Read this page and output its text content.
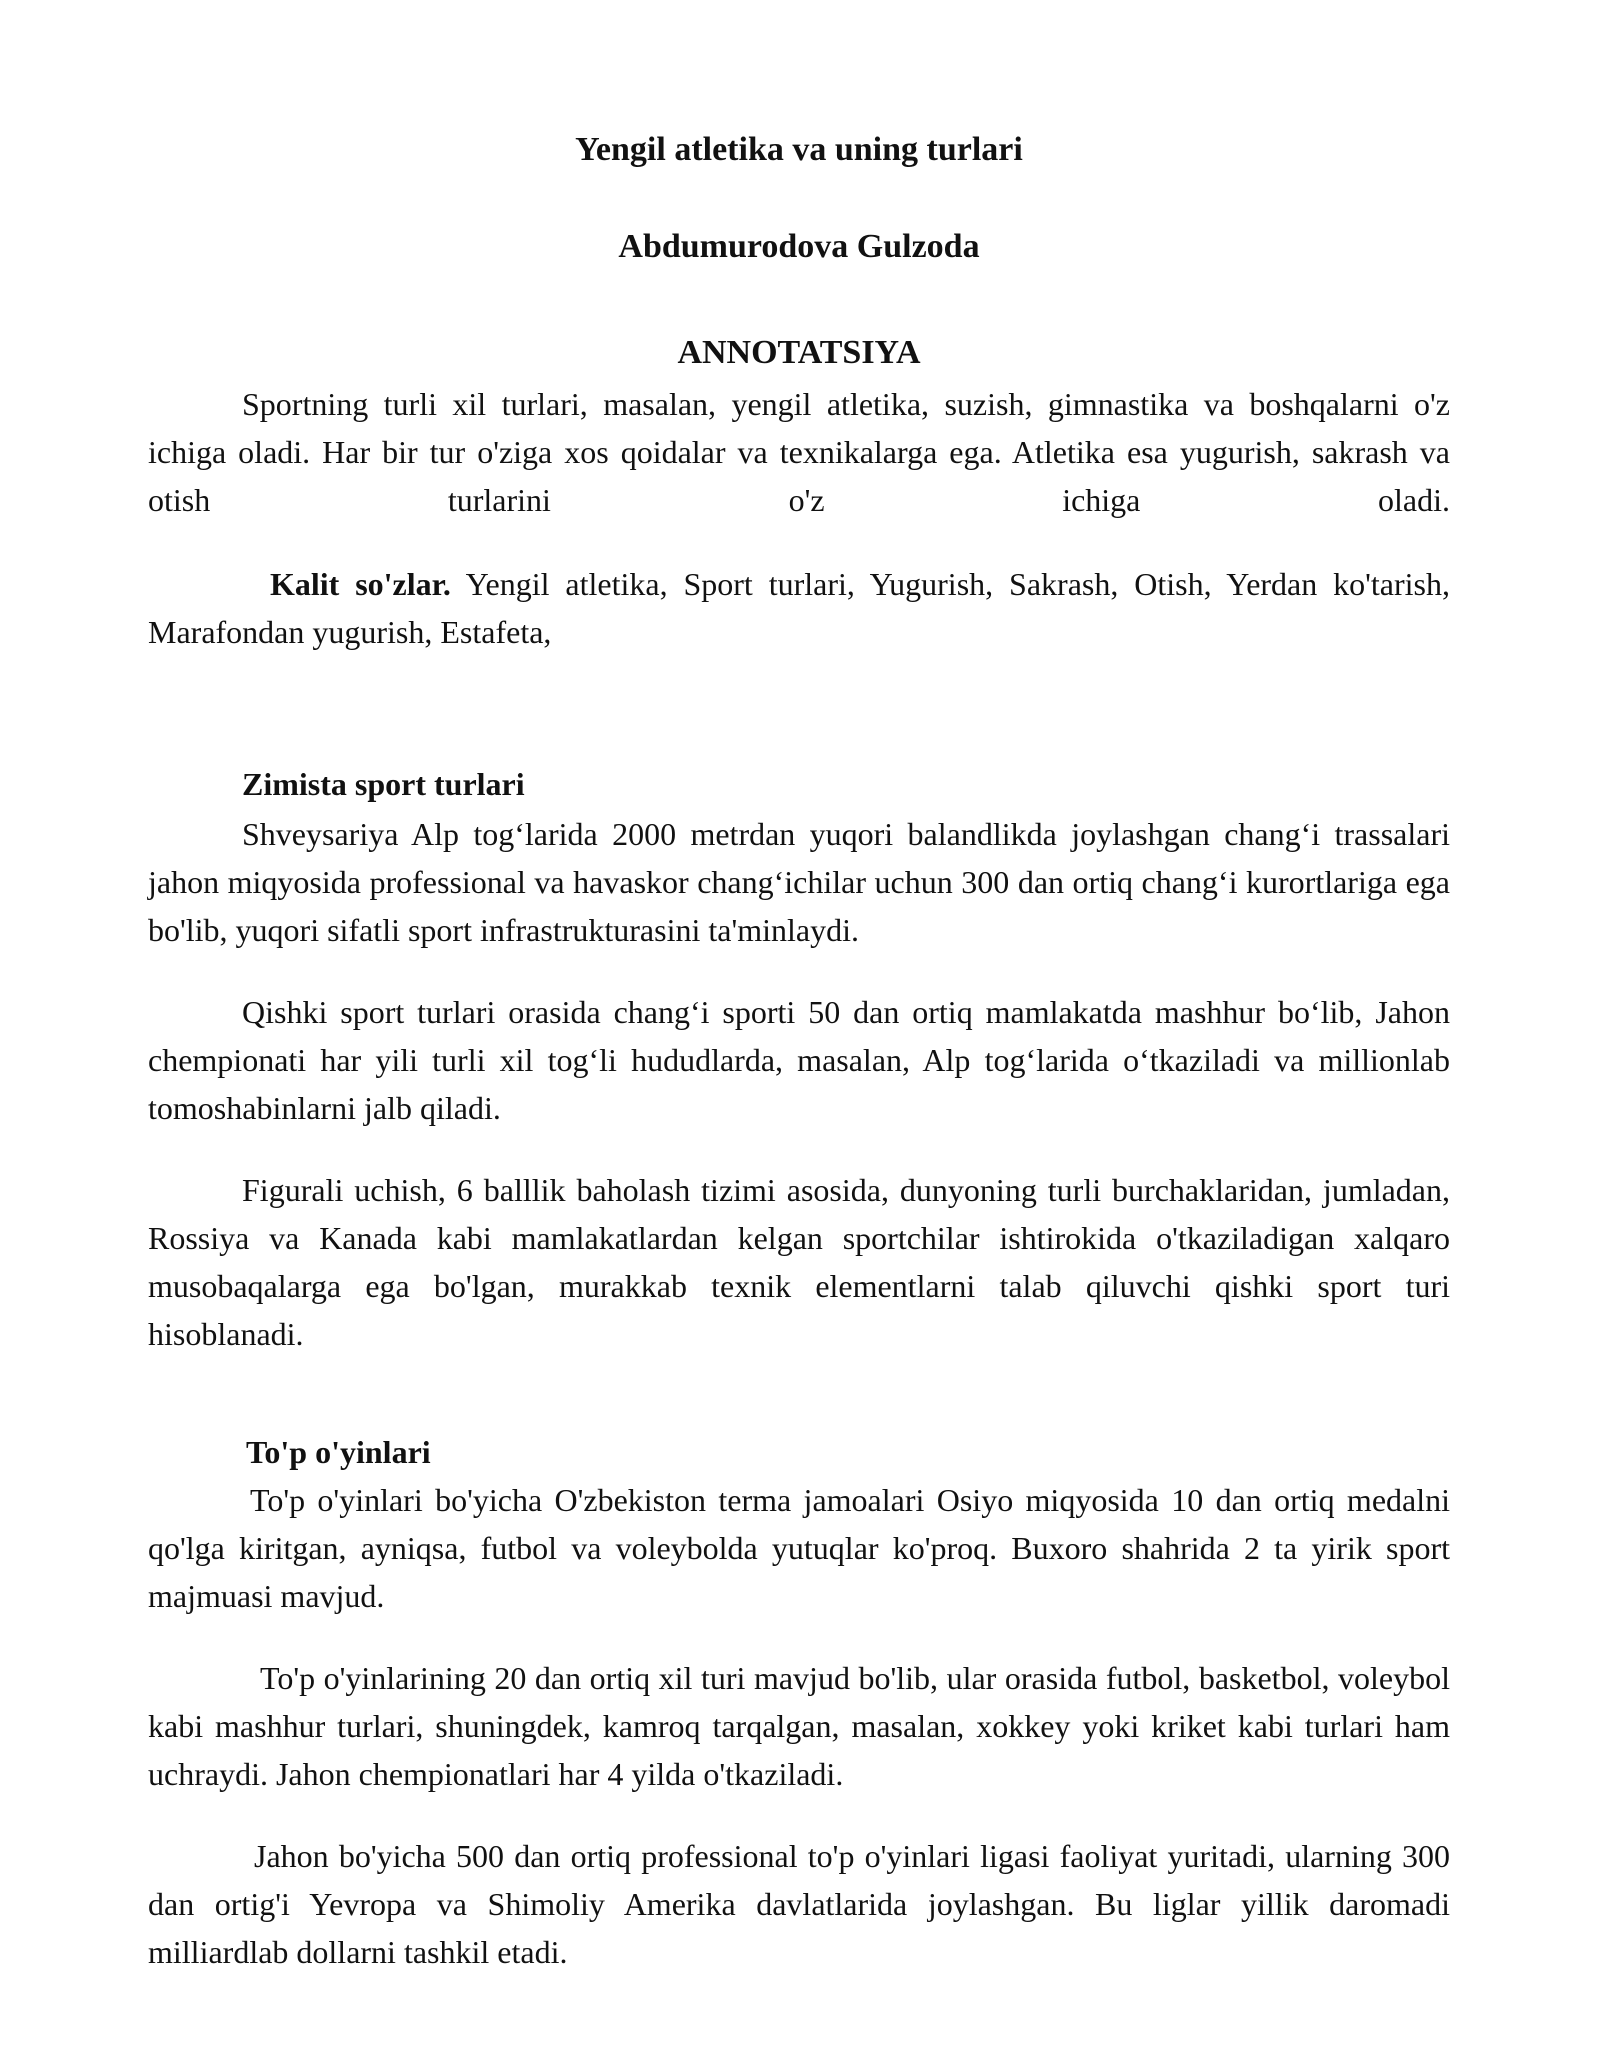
Yengil atletika va uning turlari
Abdumurodova Gulzoda
ANNOTATSIYA
Sportning turli xil turlari, masalan, yengil atletika, suzish, gimnastika va boshqalarni o'z ichiga oladi. Har bir tur o'ziga xos qoidalar va texnikalarga ega. Atletika esa yugurish, sakrash va otish turlarini o'z ichiga oladi.
Kalit so'zlar. Yengil atletika, Sport turlari, Yugurish, Sakrash, Otish, Yerdan ko'tarish, Marafondan yugurish, Estafeta,
Zimista sport turlari
Shveysariya Alp tog‘larida 2000 metrdan yuqori balandlikda joylashgan chang‘i trassalari jahon miqyosida professional va havaskor chang‘ichilar uchun 300 dan ortiq chang‘i kurortlariga ega bo'lib, yuqori sifatli sport infrastrukturasini ta'minlaydi.
Qishki sport turlari orasida chang‘i sporti 50 dan ortiq mamlakatda mashhur bo‘lib, Jahon chempionati har yili turli xil tog‘li hududlarda, masalan, Alp tog‘larida o‘tkaziladi va millionlab tomoshabinlarni jalb qiladi.
Figurali uchish, 6 balllik baholash tizimi asosida, dunyoning turli burchaklaridan, jumladan, Rossiya va Kanada kabi mamlakatlardan kelgan sportchilar ishtirokida o'tkaziladigan xalqaro musobaqalarga ega bo'lgan, murakkab texnik elementlarni talab qiluvchi qishki sport turi hisoblanadi.
To'p o'yinlari
To'p o'yinlari bo'yicha O'zbekiston terma jamoalari Osiyo miqyosida 10 dan ortiq medalni qo'lga kiritgan, ayniqsa, futbol va voleybolda yutuqlar ko'proq. Buxoro shahrida 2 ta yirik sport majmuasi mavjud.
To'p o'yinlarining 20 dan ortiq xil turi mavjud bo'lib, ular orasida futbol, basketbol, voleybol kabi mashhur turlari, shuningdek, kamroq tarqalgan, masalan, xokkey yoki kriket kabi turlari ham uchraydi. Jahon chempionatlari har 4 yilda o'tkaziladi.
Jahon bo'yicha 500 dan ortiq professional to'p o'yinlari ligasi faoliyat yuritadi, ularning 300 dan ortig'i Yevropa va Shimoliy Amerika davlatlarida joylashgan. Bu liglar yillik daromadi milliardlab dollarni tashkil etadi.
